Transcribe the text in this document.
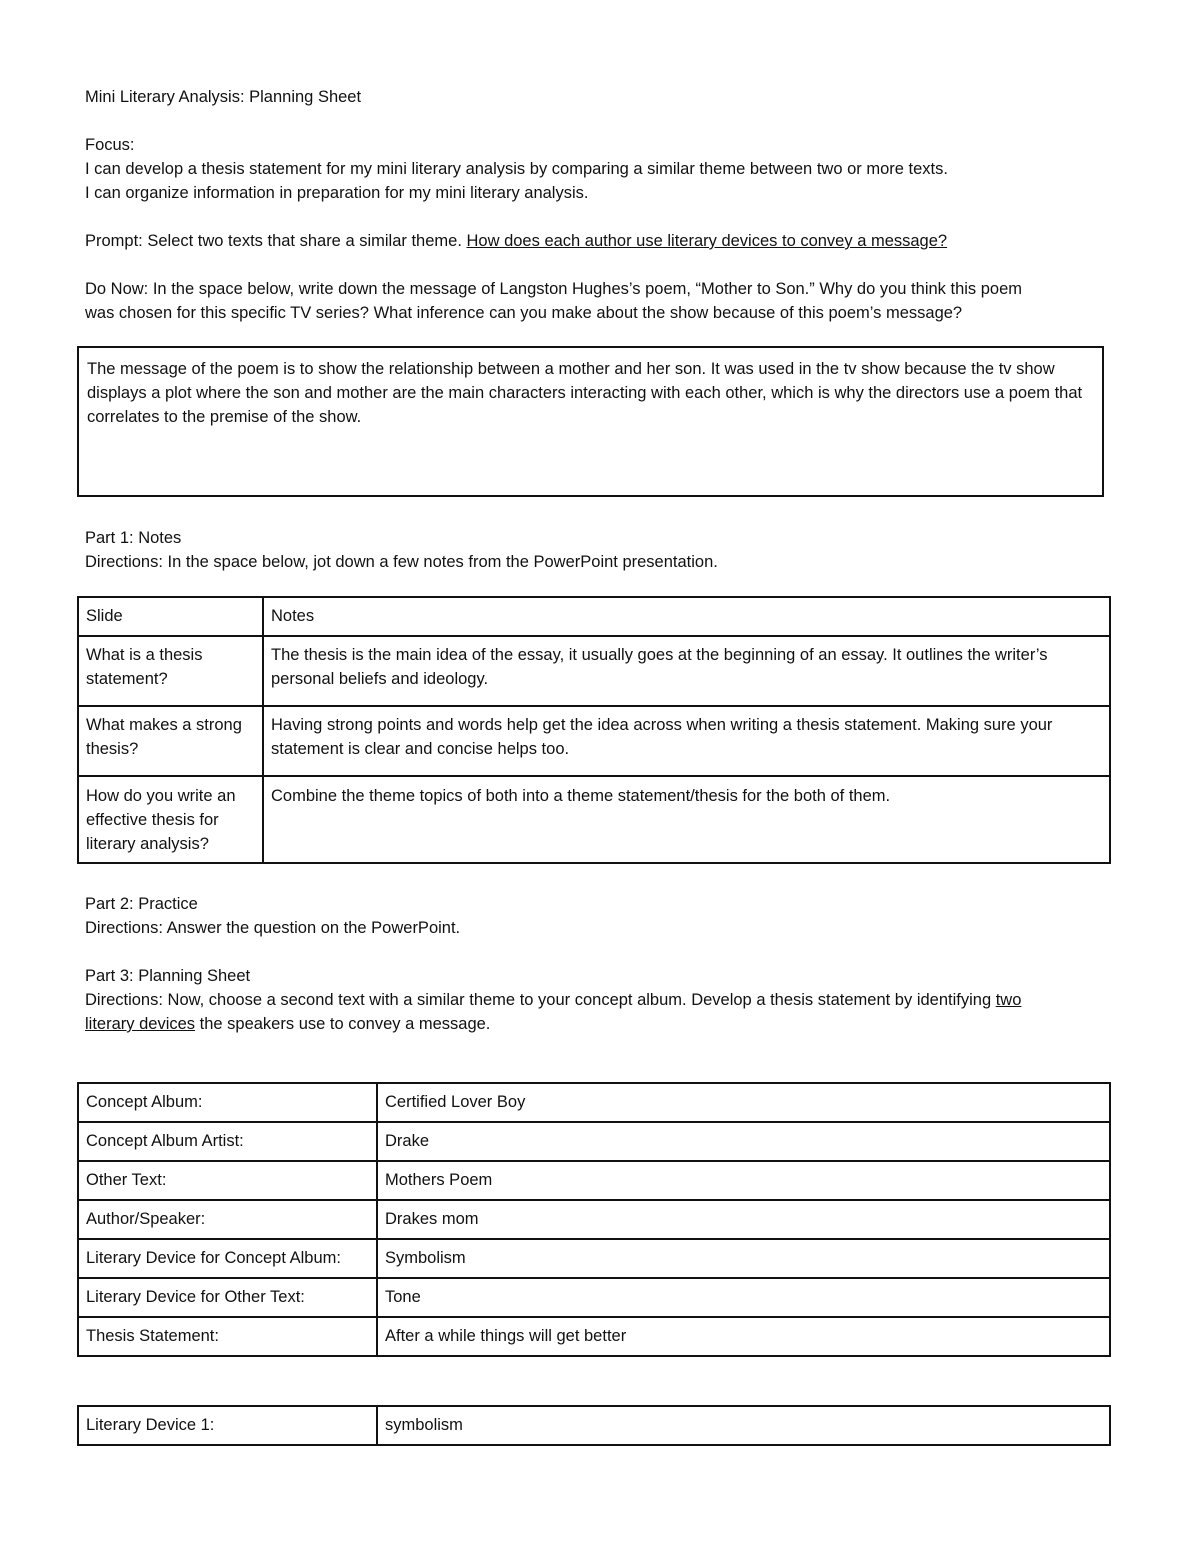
Mini Literary Analysis: Planning Sheet
Focus:
I can develop a thesis statement for my mini literary analysis by comparing a similar theme between two or more texts.
I can organize information in preparation for my mini literary analysis.
Prompt: Select two texts that share a similar theme. How does each author use literary devices to convey a message?
Do Now: In the space below, write down the message of Langston Hughes’s poem, “Mother to Son.” Why do you think this poem
was chosen for this specific TV series? What inference can you make about the show because of this poem’s message?
The message of the poem is to show the relationship between a mother and her son. It was used in the tv show because the tv show displays a plot where the son and mother are the main characters interacting with each other, which is why the directors use a poem that correlates to the premise of the show.
Part 1: Notes
Directions: In the space below, jot down a few notes from the PowerPoint presentation.
Slide	Notes
What is a thesis statement?	The thesis is the main idea of the essay, it usually goes at the beginning of an essay. It outlines the writer’s personal beliefs and ideology.
What makes a strong thesis?	Having strong points and words help get the idea across when writing a thesis statement. Making sure your statement is clear and concise helps too.
How do you write an effective thesis for literary analysis?	Combine the theme topics of both into a theme statement/thesis for the both of them.
Part 2: Practice
Directions: Answer the question on the PowerPoint.
Part 3: Planning Sheet
Directions: Now, choose a second text with a similar theme to your concept album. Develop a thesis statement by identifying two
literary devices the speakers use to convey a message.
Concept Album:	Certified Lover Boy
Concept Album Artist:	Drake
Other Text:	Mothers Poem
Author/Speaker:	Drakes mom
Literary Device for Concept Album:	Symbolism
Literary Device for Other Text:	Tone
Thesis Statement:	After a while things will get better
Literary Device 1:	symbolism
